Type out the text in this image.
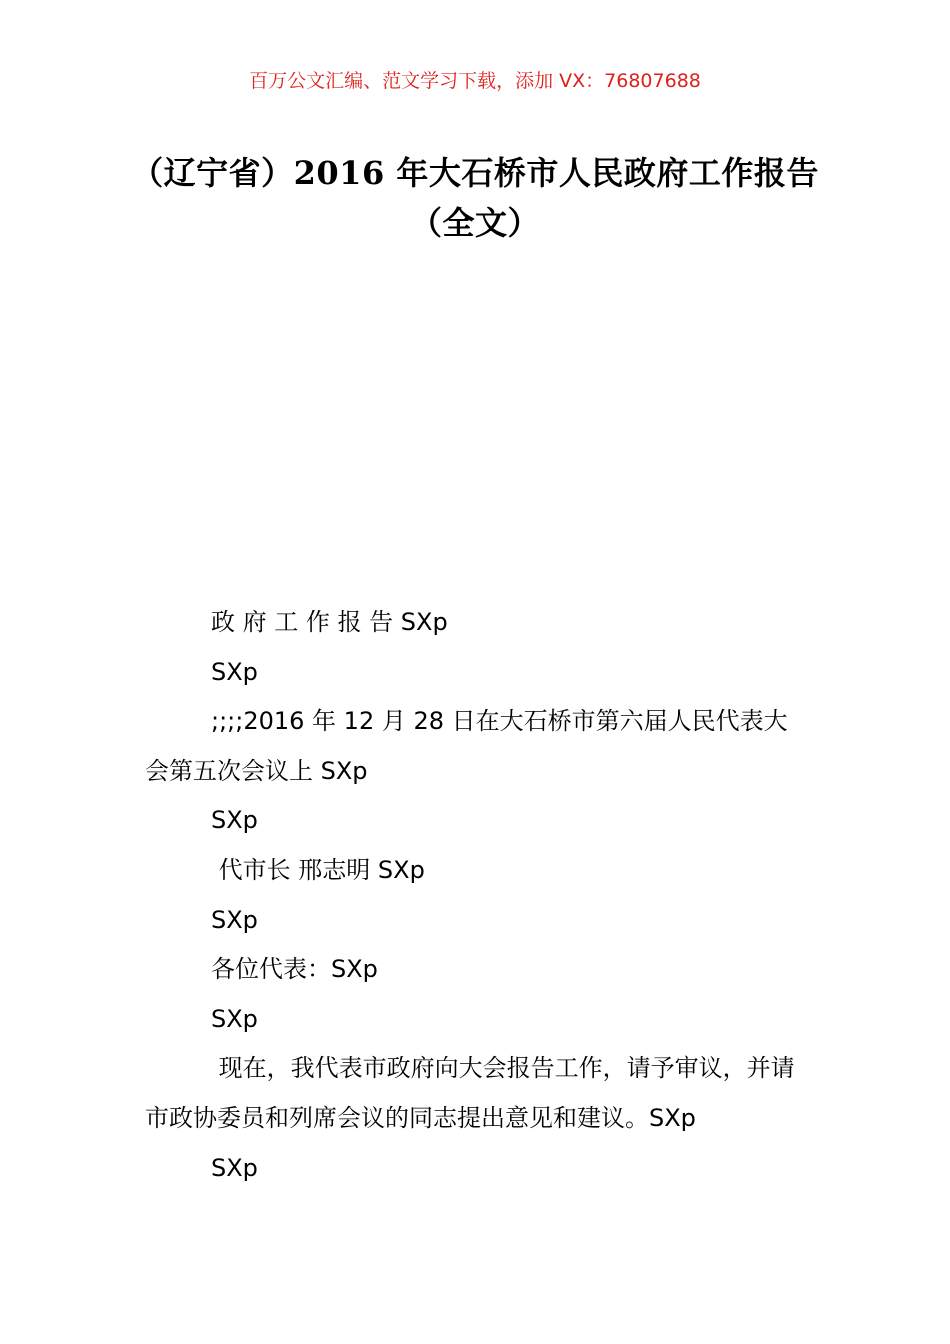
百万公文汇编、范文学习下载，添加 VX：76807688
（辽宁省）2016 年大石桥市人民政府工作报告（全文）

政 府 工 作 报 告 SXp

SXp

;;;;2016 年 12 月 28 日在大石桥市第六届人民代表大会第五次会议上 SXp

SXp

代市长 邢志明 SXp

SXp

各位代表：SXp

SXp

现在，我代表市政府向大会报告工作，请予审议，并请市政协委员和列席会议的同志提出意见和建议。SXp

SXp
